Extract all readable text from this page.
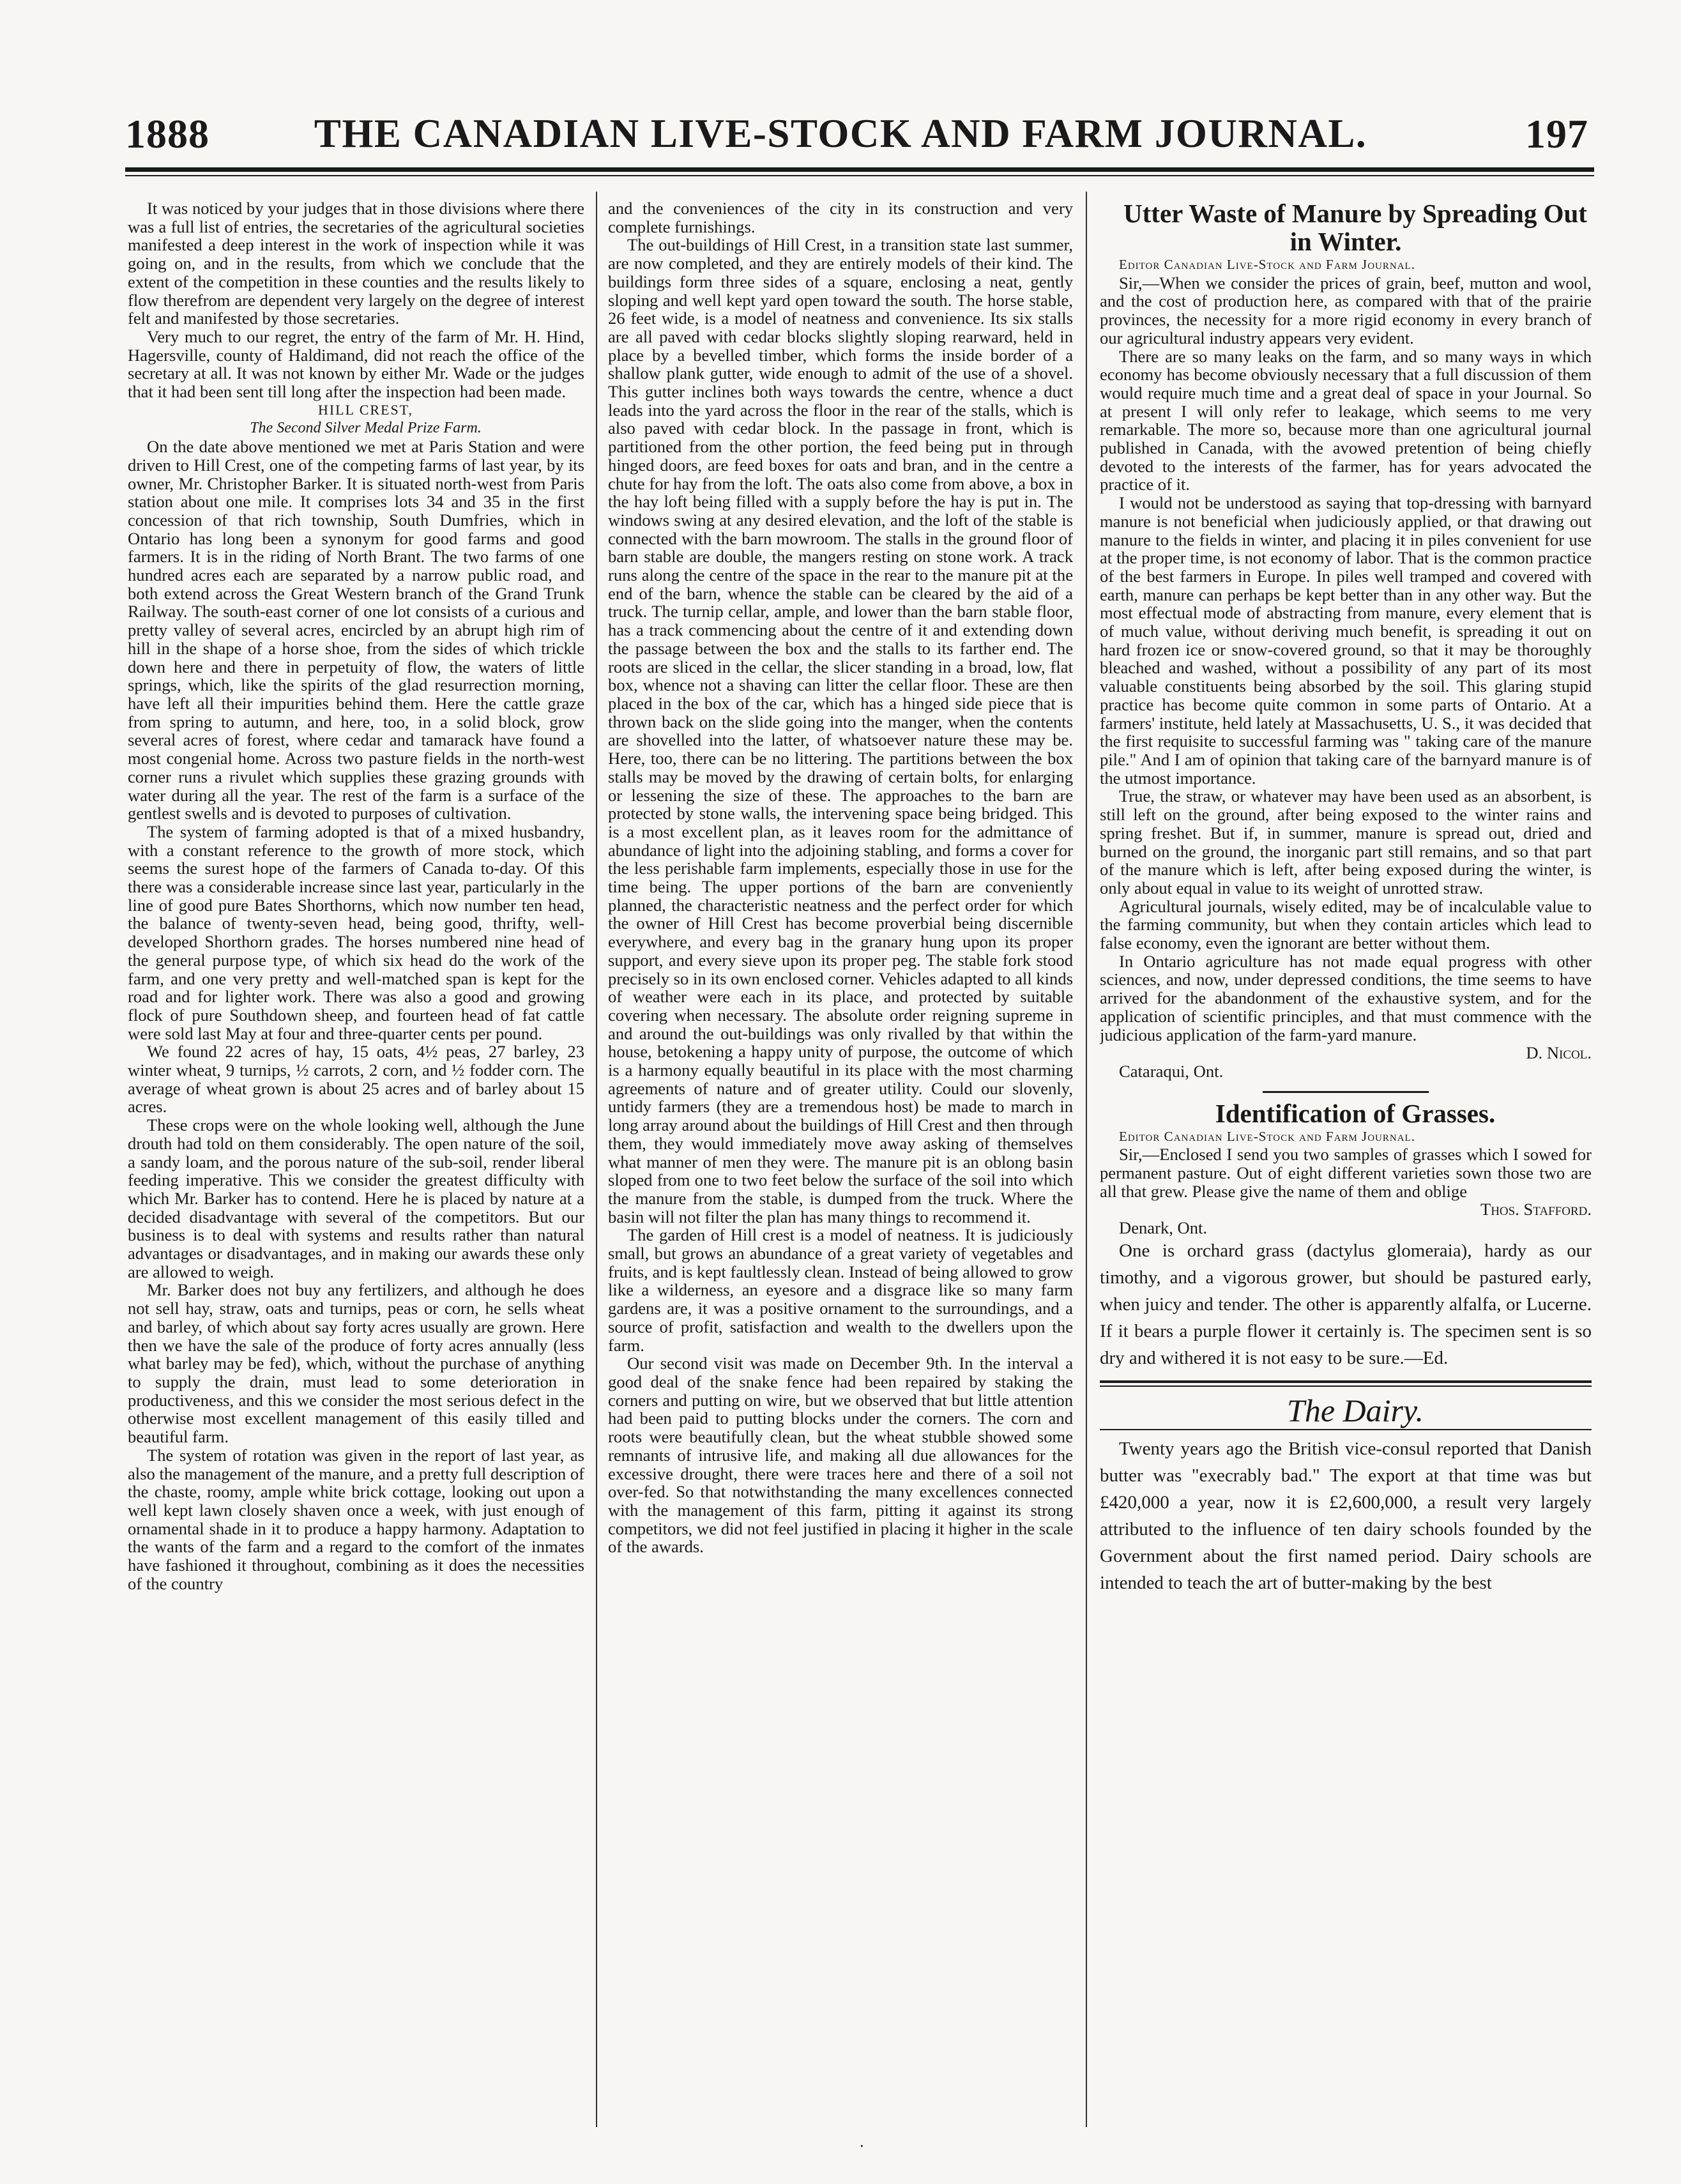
1888	THE CANADIAN LIVE-STOCK AND FARM JOURNAL.	197

It was noticed by your judges that in those divisions where there was a full list of entries, the secretaries of the agricultural societies manifested a deep interest in the work of inspection while it was going on, and in the results, from which we conclude that the extent of the competition in these counties and the results likely to flow therefrom are dependent very largely on the degree of interest felt and manifested by those secretaries.

Very much to our regret, the entry of the farm of Mr. H. Hind, Hagersville, county of Haldimand, did not reach the office of the secretary at all. It was not known by either Mr. Wade or the judges that it had been sent till long after the inspection had been made.

HILL CREST,

The Second Silver Medal Prize Farm.

On the date above mentioned we met at Paris Station and were driven to Hill Crest, one of the competing farms of last year, by its owner, Mr. Christopher Barker. It is situated north-west from Paris station about one mile. It comprises lots 34 and 35 in the first concession of that rich township, South Dumfries, which in Ontario has long been a synonym for good farms and good farmers. It is in the riding of North Brant. The two farms of one hundred acres each are separated by a narrow public road, and both extend across the Great Western branch of the Grand Trunk Railway. The south-east corner of one lot consists of a curious and pretty valley of several acres, encircled by an abrupt high rim of hill in the shape of a horse shoe, from the sides of which trickle down here and there in perpetuity of flow, the waters of little springs, which, like the spirits of the glad resurrection morning, have left all their impurities behind them. Here the cattle graze from spring to autumn, and here, too, in a solid block, grow several acres of forest, where cedar and tamarack have found a most congenial home. Across two pasture fields in the north-west corner runs a rivulet which supplies these grazing grounds with water during all the year. The rest of the farm is a surface of the gentlest swells and is devoted to purposes of cultivation.

The system of farming adopted is that of a mixed husbandry, with a constant reference to the growth of more stock, which seems the surest hope of the farmers of Canada to-day. Of this there was a considerable increase since last year, particularly in the line of good pure Bates Shorthorns, which now number ten head, the balance of twenty-seven head, being good, thrifty, well-developed Shorthorn grades. The horses numbered nine head of the general purpose type, of which six head do the work of the farm, and one very pretty and well-matched span is kept for the road and for lighter work. There was also a good and growing flock of pure Southdown sheep, and fourteen head of fat cattle were sold last May at four and three-quarter cents per pound.

We found 22 acres of hay, 15 oats, 4½ peas, 27 barley, 23 winter wheat, 9 turnips, ½ carrots, 2 corn, and ½ fodder corn. The average of wheat grown is about 25 acres and of barley about 15 acres.

These crops were on the whole looking well, although the June drouth had told on them considerably. The open nature of the soil, a sandy loam, and the porous nature of the sub-soil, render liberal feeding imperative. This we consider the greatest difficulty with which Mr. Barker has to contend. Here he is placed by nature at a decided disadvantage with several of the competitors. But our business is to deal with systems and results rather than natural advantages or disadvantages, and in making our awards these only are allowed to weigh.

Mr. Barker does not buy any fertilizers, and although he does not sell hay, straw, oats and turnips, peas or corn, he sells wheat and barley, of which about say forty acres usually are grown. Here then we have the sale of the produce of forty acres annually (less what barley may be fed), which, without the purchase of anything to supply the drain, must lead to some deterioration in productiveness, and this we consider the most serious defect in the otherwise most excellent management of this easily tilled and beautiful farm.

The system of rotation was given in the report of last year, as also the management of the manure, and a pretty full description of the chaste, roomy, ample white brick cottage, looking out upon a well kept lawn closely shaven once a week, with just enough of ornamental shade in it to produce a happy harmony. Adaptation to the wants of the farm and a regard to the comfort of the inmates have fashioned it throughout, combining as it does the necessities of the country

and the conveniences of the city in its construction and very complete furnishings.

The out-buildings of Hill Crest, in a transition state last summer, are now completed, and they are entirely models of their kind. The buildings form three sides of a square, enclosing a neat, gently sloping and well kept yard open toward the south. The horse stable, 26 feet wide, is a model of neatness and convenience. Its six stalls are all paved with cedar blocks slightly sloping rearward, held in place by a bevelled timber, which forms the inside border of a shallow plank gutter, wide enough to admit of the use of a shovel. This gutter inclines both ways towards the centre, whence a duct leads into the yard across the floor in the rear of the stalls, which is also paved with cedar block. In the passage in front, which is partitioned from the other portion, the feed being put in through hinged doors, are feed boxes for oats and bran, and in the centre a chute for hay from the loft. The oats also come from above, a box in the hay loft being filled with a supply before the hay is put in. The windows swing at any desired elevation, and the loft of the stable is connected with the barn mowroom. The stalls in the ground floor of barn stable are double, the mangers resting on stone work. A track runs along the centre of the space in the rear to the manure pit at the end of the barn, whence the stable can be cleared by the aid of a truck. The turnip cellar, ample, and lower than the barn stable floor, has a track commencing about the centre of it and extending down the passage between the box and the stalls to its farther end. The roots are sliced in the cellar, the slicer standing in a broad, low, flat box, whence not a shaving can litter the cellar floor. These are then placed in the box of the car, which has a hinged side piece that is thrown back on the slide going into the manger, when the contents are shovelled into the latter, of whatsoever nature these may be. Here, too, there can be no littering. The partitions between the box stalls may be moved by the drawing of certain bolts, for enlarging or lessening the size of these. The approaches to the barn are protected by stone walls, the intervening space being bridged. This is a most excellent plan, as it leaves room for the admittance of abundance of light into the adjoining stabling, and forms a cover for the less perishable farm implements, especially those in use for the time being. The upper portions of the barn are conveniently planned, the characteristic neatness and the perfect order for which the owner of Hill Crest has become proverbial being discernible everywhere, and every bag in the granary hung upon its proper support, and every sieve upon its proper peg. The stable fork stood precisely so in its own enclosed corner. Vehicles adapted to all kinds of weather were each in its place, and protected by suitable covering when necessary. The absolute order reigning supreme in and around the out-buildings was only rivalled by that within the house, betokening a happy unity of purpose, the outcome of which is a harmony equally beautiful in its place with the most charming agreements of nature and of greater utility. Could our slovenly, untidy farmers (they are a tremendous host) be made to march in long array around about the buildings of Hill Crest and then through them, they would immediately move away asking of themselves what manner of men they were. The manure pit is an oblong basin sloped from one to two feet below the surface of the soil into which the manure from the stable, is dumped from the truck. Where the basin will not filter the plan has many things to recommend it.

The garden of Hill crest is a model of neatness. It is judiciously small, but grows an abundance of a great variety of vegetables and fruits, and is kept faultlessly clean. Instead of being allowed to grow like a wilderness, an eyesore and a disgrace like so many farm gardens are, it was a positive ornament to the surroundings, and a source of profit, satisfaction and wealth to the dwellers upon the farm.

Our second visit was made on December 9th. In the interval a good deal of the snake fence had been repaired by staking the corners and putting on wire, but we observed that but little attention had been paid to putting blocks under the corners. The corn and roots were beautifully clean, but the wheat stubble showed some remnants of intrusive life, and making all due allowances for the excessive drought, there were traces here and there of a soil not over-fed. So that notwithstanding the many excellences connected with the management of this farm, pitting it against its strong competitors, we did not feel justified in placing it higher in the scale of the awards.

Utter Waste of Manure by Spreading Out in Winter.

Editor Canadian Live-Stock and Farm Journal.

Sir,—When we consider the prices of grain, beef, mutton and wool, and the cost of production here, as compared with that of the prairie provinces, the necessity for a more rigid economy in every branch of our agricultural industry appears very evident.

There are so many leaks on the farm, and so many ways in which economy has become obviously necessary that a full discussion of them would require much time and a great deal of space in your Journal. So at present I will only refer to leakage, which seems to me very remarkable. The more so, because more than one agricultural journal published in Canada, with the avowed pretention of being chiefly devoted to the interests of the farmer, has for years advocated the practice of it.

I would not be understood as saying that top-dressing with barnyard manure is not beneficial when judiciously applied, or that drawing out manure to the fields in winter, and placing it in piles convenient for use at the proper time, is not economy of labor. That is the common practice of the best farmers in Europe. In piles well tramped and covered with earth, manure can perhaps be kept better than in any other way. But the most effectual mode of abstracting from manure, every element that is of much value, without deriving much benefit, is spreading it out on hard frozen ice or snow-covered ground, so that it may be thoroughly bleached and washed, without a possibility of any part of its most valuable constituents being absorbed by the soil. This glaring stupid practice has become quite common in some parts of Ontario. At a farmers' institute, held lately at Massachusetts, U. S., it was decided that the first requisite to successful farming was " taking care of the manure pile." And I am of opinion that taking care of the barnyard manure is of the utmost importance.

True, the straw, or whatever may have been used as an absorbent, is still left on the ground, after being exposed to the winter rains and spring freshet. But if, in summer, manure is spread out, dried and burned on the ground, the inorganic part still remains, and so that part of the manure which is left, after being exposed during the winter, is only about equal in value to its weight of unrotted straw.

Agricultural journals, wisely edited, may be of incalculable value to the farming community, but when they contain articles which lead to false economy, even the ignorant are better without them.

In Ontario agriculture has not made equal progress with other sciences, and now, under depressed conditions, the time seems to have arrived for the abandonment of the exhaustive system, and for the application of scientific principles, and that must commence with the judicious application of the farm-yard manure.

D. Nicol.

Cataraqui, Ont.

Identification of Grasses.

Editor Canadian Live-Stock and Farm Journal.

Sir,—Enclosed I send you two samples of grasses which I sowed for permanent pasture. Out of eight different varieties sown those two are all that grew. Please give the name of them and oblige

Thos. Stafford.

Denark, Ont.

One is orchard grass (dactylus glomeraia), hardy as our timothy, and a vigorous grower, but should be pastured early, when juicy and tender. The other is apparently alfalfa, or Lucerne. If it bears a purple flower it certainly is. The specimen sent is so dry and withered it is not easy to be sure.—Ed.

The Dairy.

Twenty years ago the British vice-consul reported that Danish butter was "execrably bad." The export at that time was but £420,000 a year, now it is £2,600,000, a result very largely attributed to the influence of ten dairy schools founded by the Government about the first named period. Dairy schools are intended to teach the art of butter-making by the best

·
